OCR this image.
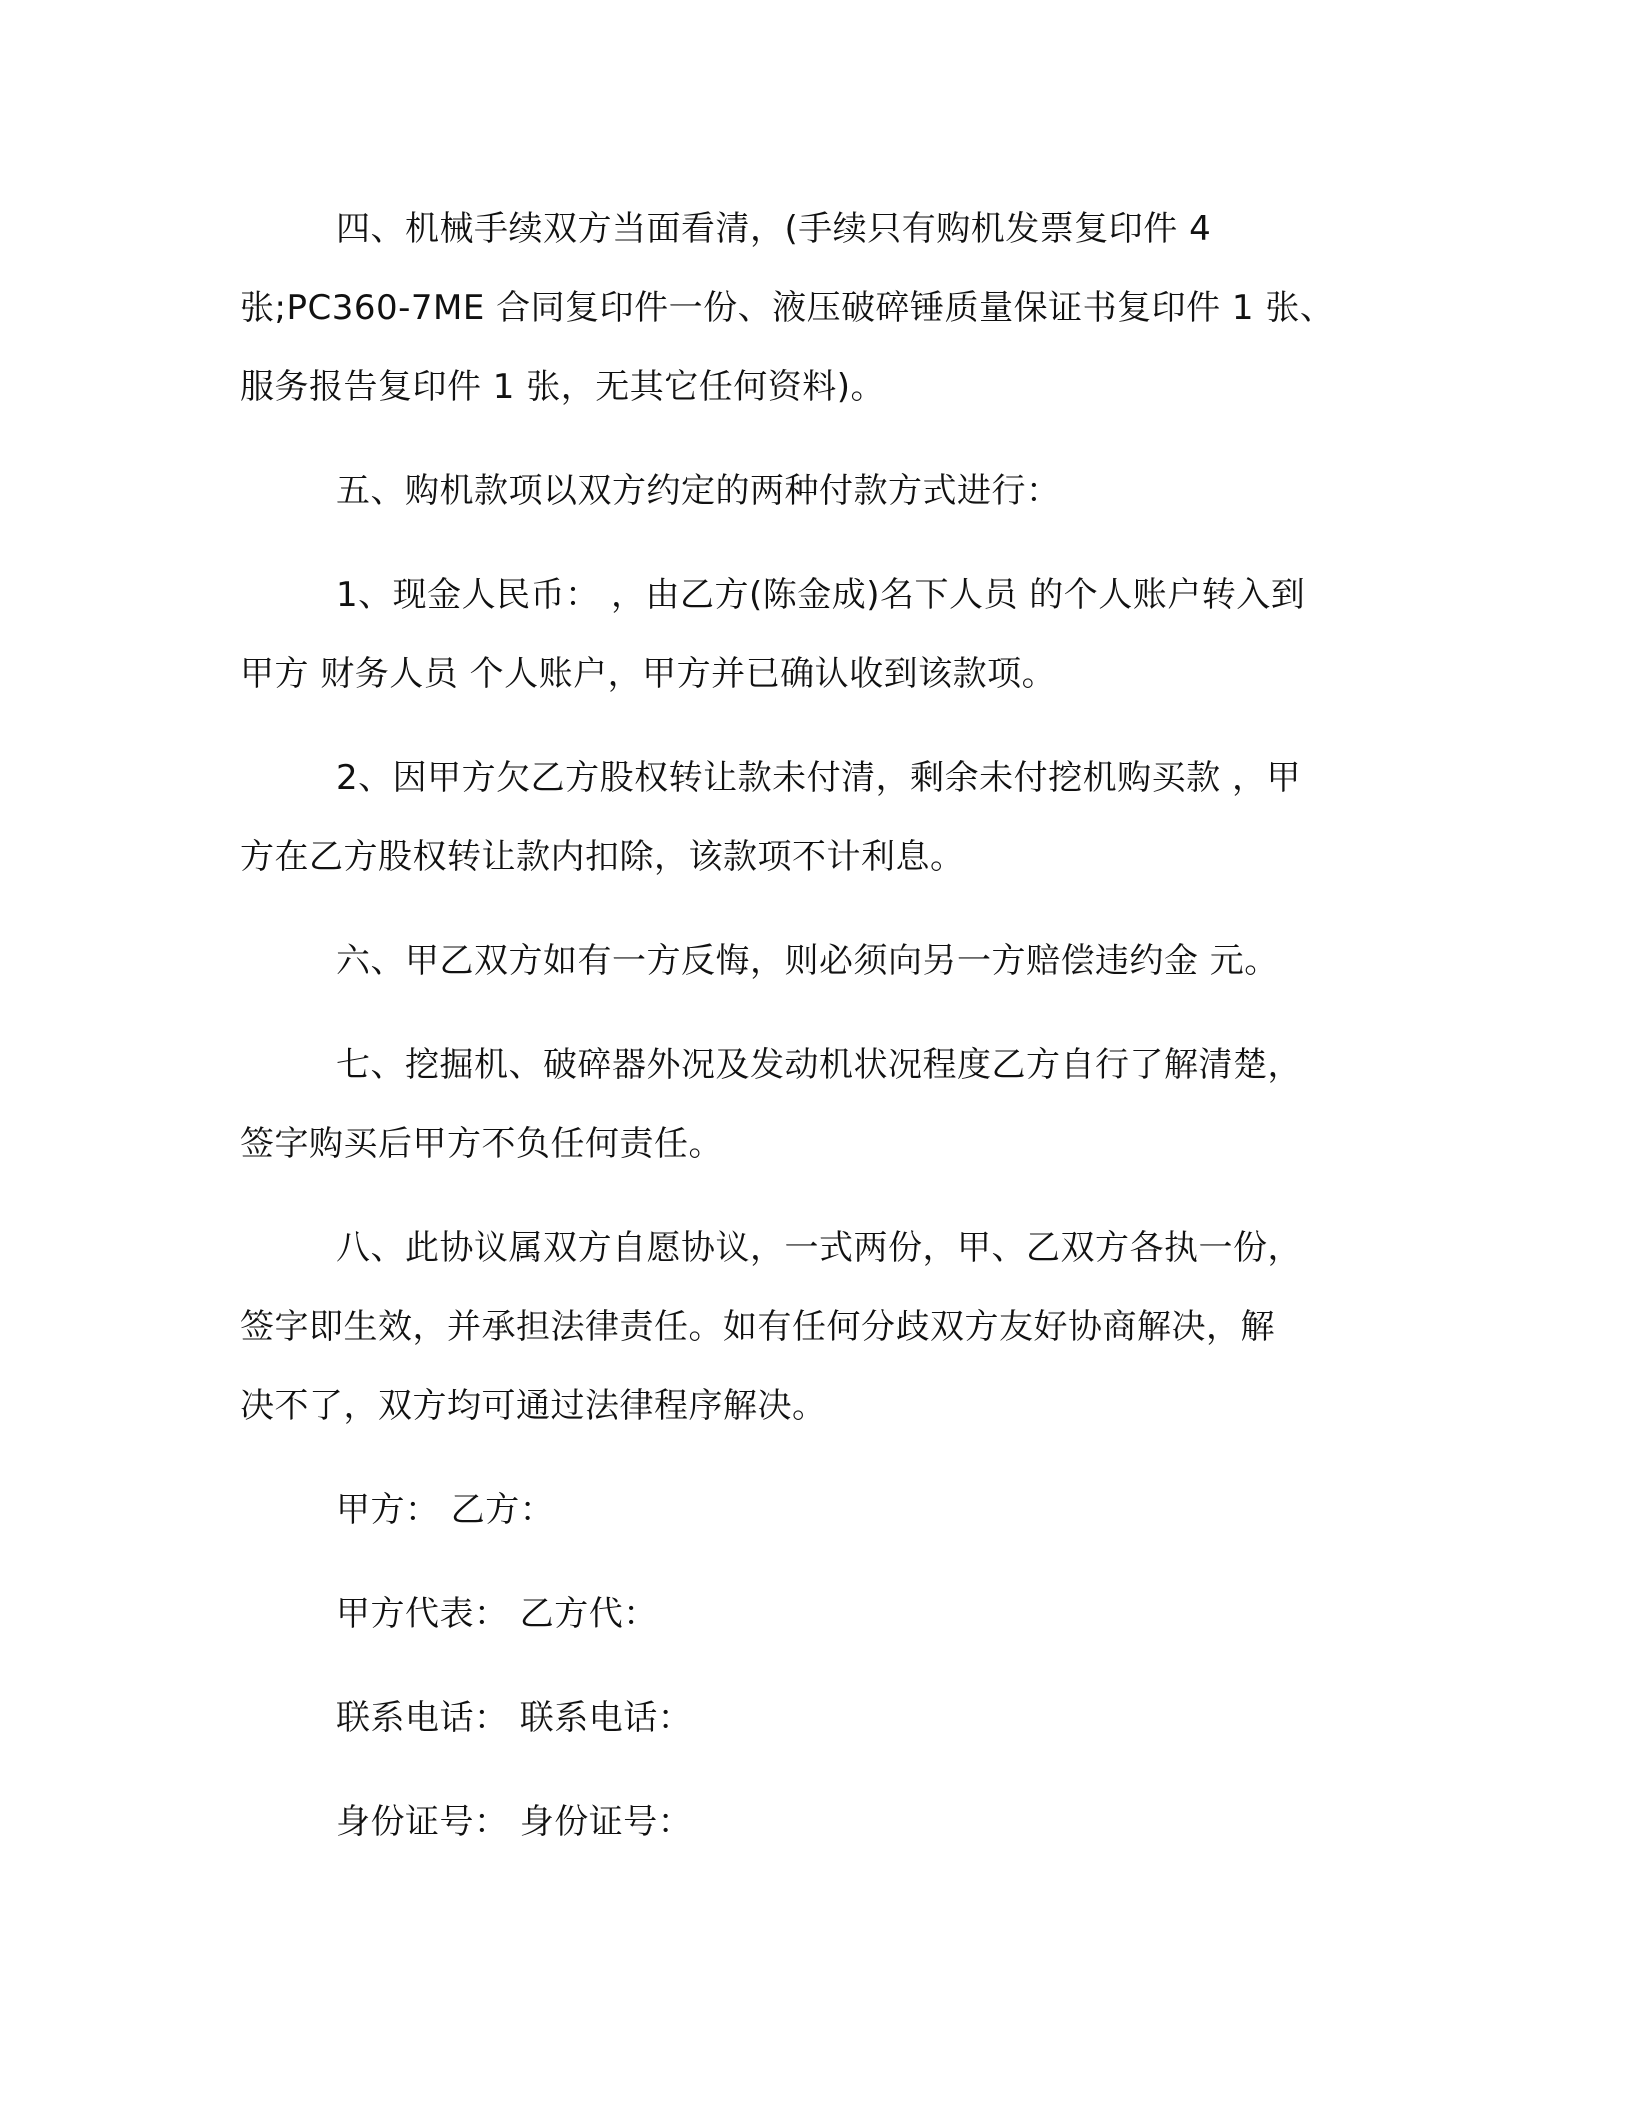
四、机械手续双方当面看清，(手续只有购机发票复印件 4
张;PC360-7ME 合同复印件一份、液压破碎锤质量保证书复印件 1 张、
服务报告复印件 1 张，无其它任何资料)。

五、购机款项以双方约定的两种付款方式进行：

1、现金人民币： ，由乙方(陈金成)名下人员 的个人账户转入到
甲方 财务人员 个人账户，甲方并已确认收到该款项。

2、因甲方欠乙方股权转让款未付清，剩余未付挖机购买款 ，甲
方在乙方股权转让款内扣除，该款项不计利息。

六、甲乙双方如有一方反悔，则必须向另一方赔偿违约金 元。

七、挖掘机、破碎器外况及发动机状况程度乙方自行了解清楚，
签字购买后甲方不负任何责任。

八、此协议属双方自愿协议，一式两份，甲、乙双方各执一份，
签字即生效，并承担法律责任。如有任何分歧双方友好协商解决，解
决不了，双方均可通过法律程序解决。

甲方： 乙方：

甲方代表： 乙方代：

联系电话： 联系电话：

身份证号： 身份证号：
